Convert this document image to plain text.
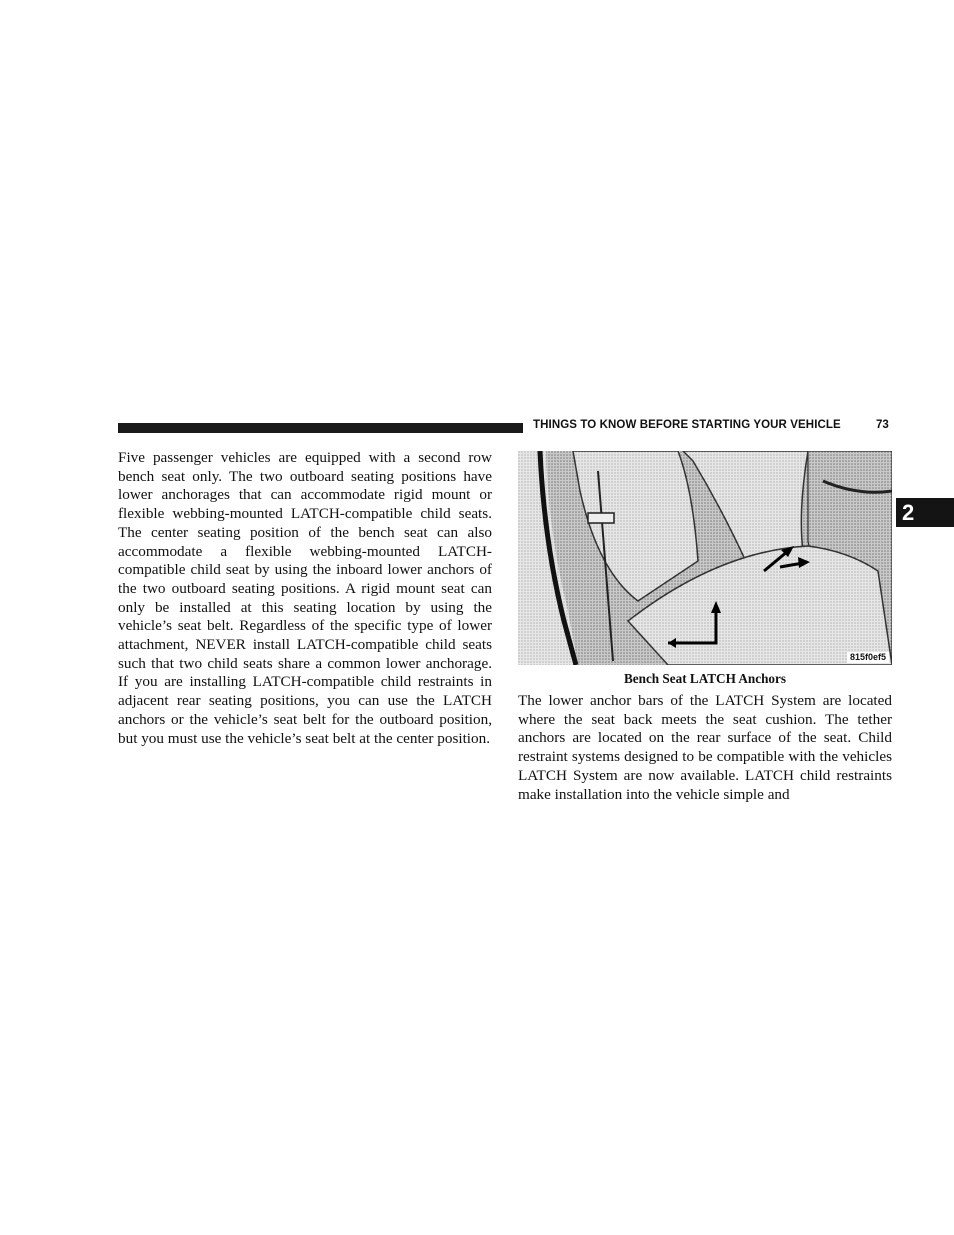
THINGS TO KNOW BEFORE STARTING YOUR VEHICLE	73
2

Five passenger vehicles are equipped with a second row bench seat only. The two outboard seating positions have lower anchorages that can accommodate rigid mount or flexible webbing-mounted LATCH-compatible child seats. The center seating position of the bench seat can also accommodate a flexible webbing-mounted LATCH-compatible child seat by using the inboard lower anchors of the two outboard seating positions. A rigid mount seat can only be installed at this seating location by using the vehicle’s seat belt. Regardless of the specific type of lower attachment, NEVER install LATCH-compatible child seats such that two child seats share a common lower anchorage. If you are installing LATCH-compatible child restraints in adjacent rear seating positions, you can use the LATCH anchors or the vehicle’s seat belt for the outboard position, but you must use the vehicle’s seat belt at the center position.

815f0ef5
Bench Seat LATCH Anchors

The lower anchor bars of the LATCH System are located where the seat back meets the seat cushion. The tether anchors are located on the rear surface of the seat. Child restraint systems designed to be compatible with the vehicles LATCH System are now available. LATCH child restraints make installation into the vehicle simple and
